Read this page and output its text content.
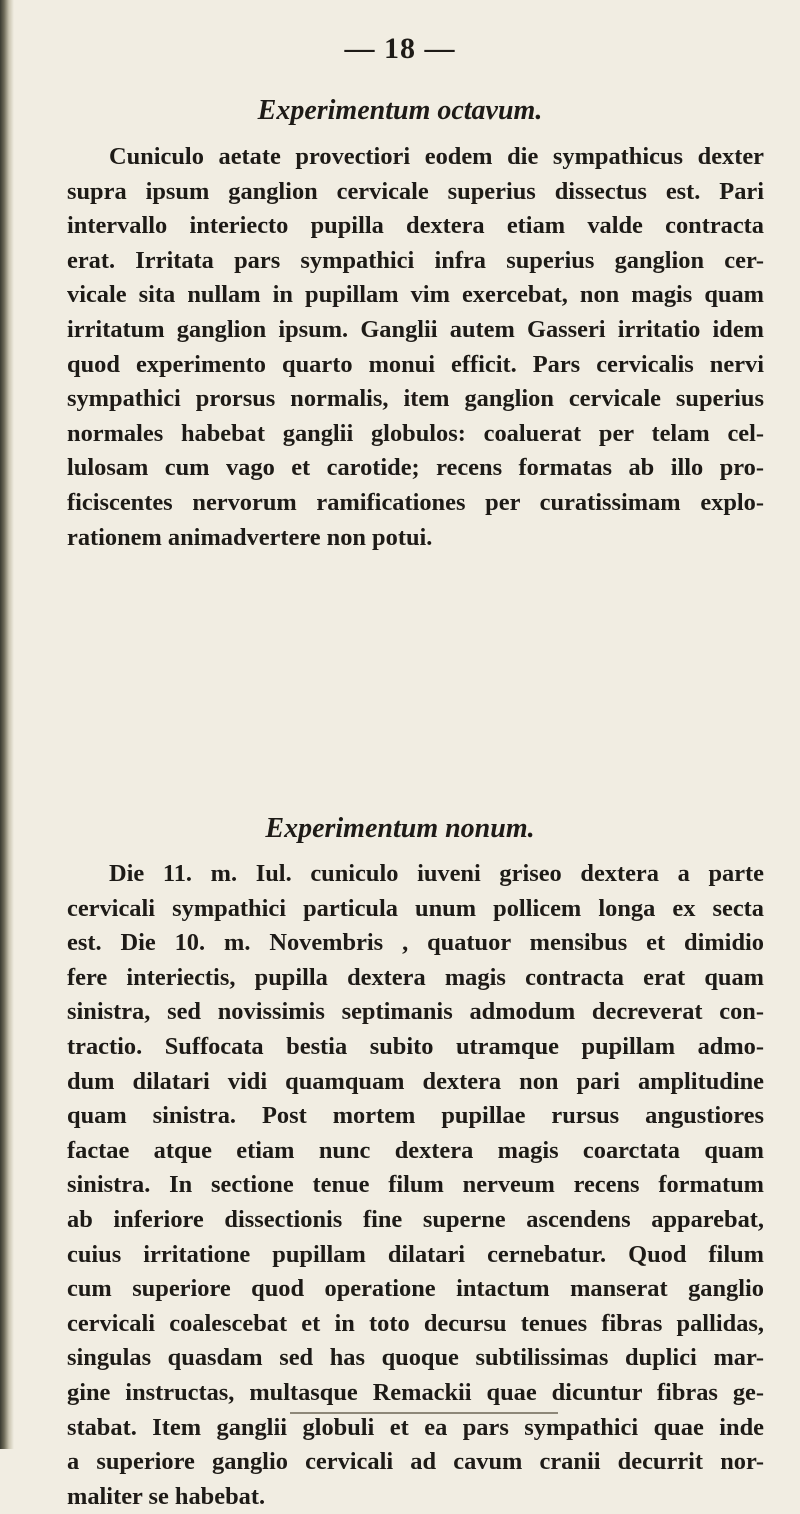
— 18 —
Experimentum octavum.
Cuniculo aetate provectiori eodem die sympathicus dexter
supra ipsum ganglion cervicale superius dissectus est. Pari
intervallo interiecto pupilla dextera etiam valde contracta
erat. Irritata pars sympathici infra superius ganglion cer-
vicale sita nullam in pupillam vim exercebat, non magis quam
irritatum ganglion ipsum. Ganglii autem Gasseri irritatio idem
quod experimento quarto monui efficit. Pars cervicalis nervi
sympathici prorsus normalis, item ganglion cervicale superius
normales habebat ganglii globulos: coaluerat per telam cel-
lulosam cum vago et carotide; recens formatas ab illo pro-
ficiscentes nervorum ramificationes per curatissimam explo-
rationem animadvertere non potui.
Experimentum nonum.
Die 11. m. Iul. cuniculo iuveni griseo dextera a parte
cervicali sympathici particula unum pollicem longa ex secta
est. Die 10. m. Novembris , quatuor mensibus et dimidio
fere interiectis, pupilla dextera magis contracta erat quam
sinistra, sed novissimis septimanis admodum decreverat con-
tractio. Suffocata bestia subito utramque pupillam admo-
dum dilatari vidi quamquam dextera non pari amplitudine
quam sinistra. Post mortem pupillae rursus angustiores
factae atque etiam nunc dextera magis coarctata quam
sinistra. In sectione tenue filum nerveum recens formatum
ab inferiore dissectionis fine superne ascendens apparebat,
cuius irritatione pupillam dilatari cernebatur. Quod filum
cum superiore quod operatione intactum manserat ganglio
cervicali coalescebat et in toto decursu tenues fibras pallidas,
singulas quasdam sed has quoque subtilissimas duplici mar-
gine instructas, multasque Remackii quae dicuntur fibras ge-
stabat. Item ganglii globuli et ea pars sympathici quae inde
a superiore ganglio cervicali ad cavum cranii decurrit nor-
maliter se habebat.
